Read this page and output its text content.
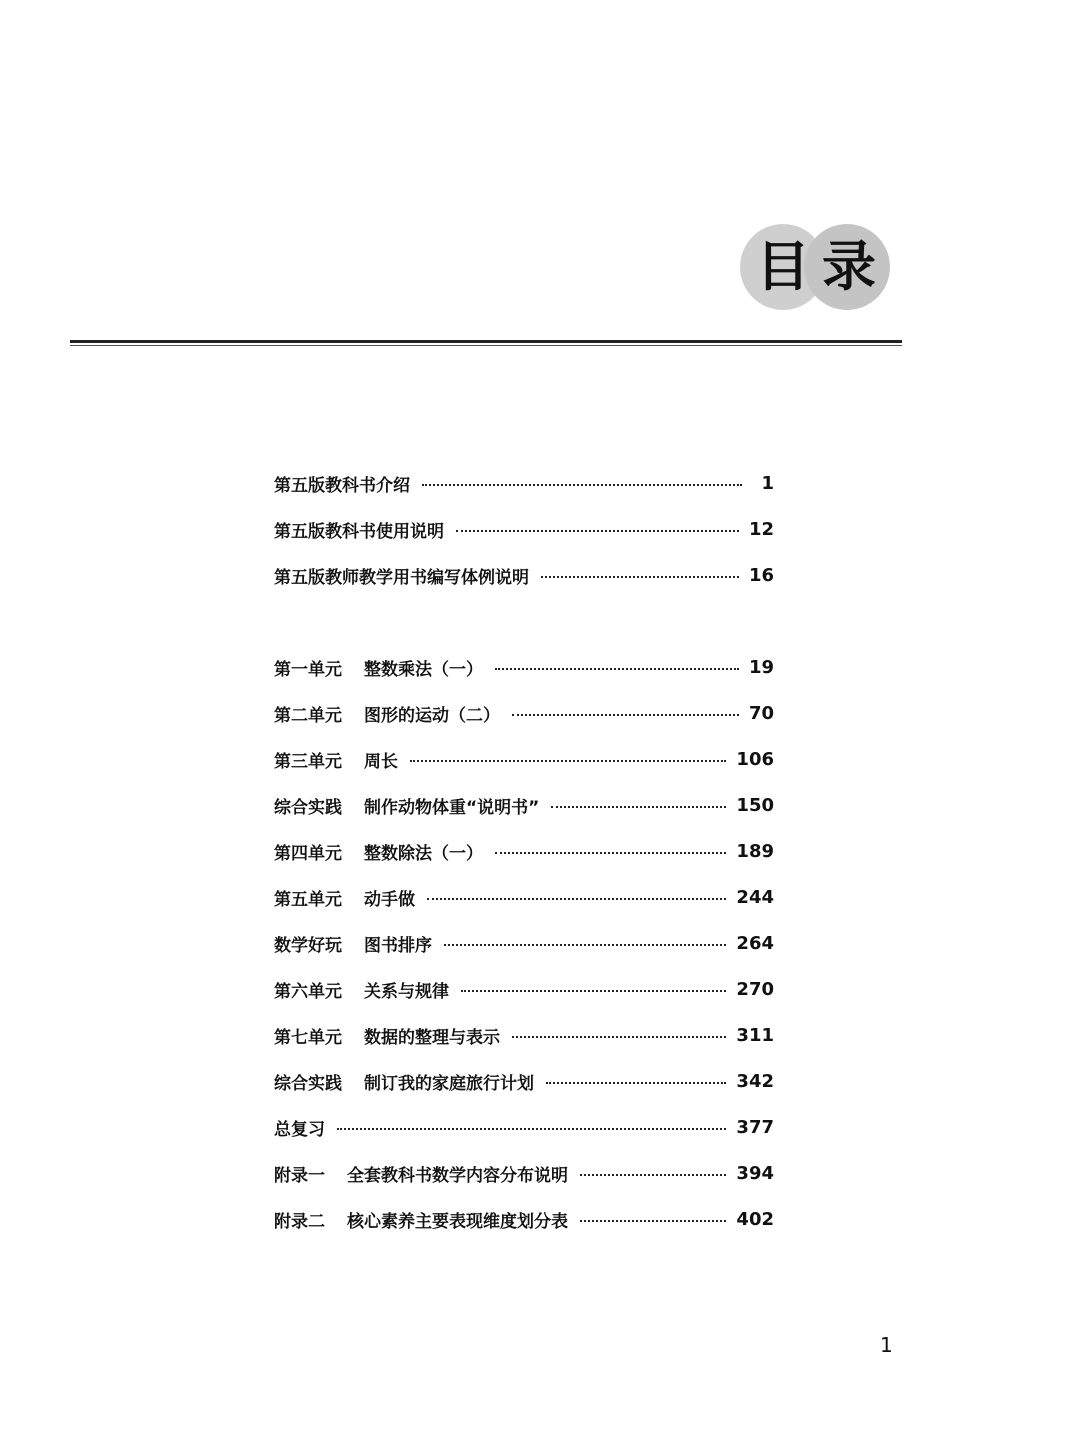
目 录
第五版教科书介绍	1
第五版教科书使用说明	12
第五版教师教学用书编写体例说明	16
第一单元 整数乘法（一）	19
第二单元 图形的运动（二）	70
第三单元 周长	106
综合实践 制作动物体重“说明书”	150
第四单元 整数除法（一）	189
第五单元 动手做	244
数学好玩 图书排序	264
第六单元 关系与规律	270
第七单元 数据的整理与表示	311
综合实践 制订我的家庭旅行计划	342
总复习	377
附录一 全套教科书数学内容分布说明	394
附录二 核心素养主要表现维度划分表	402
1
